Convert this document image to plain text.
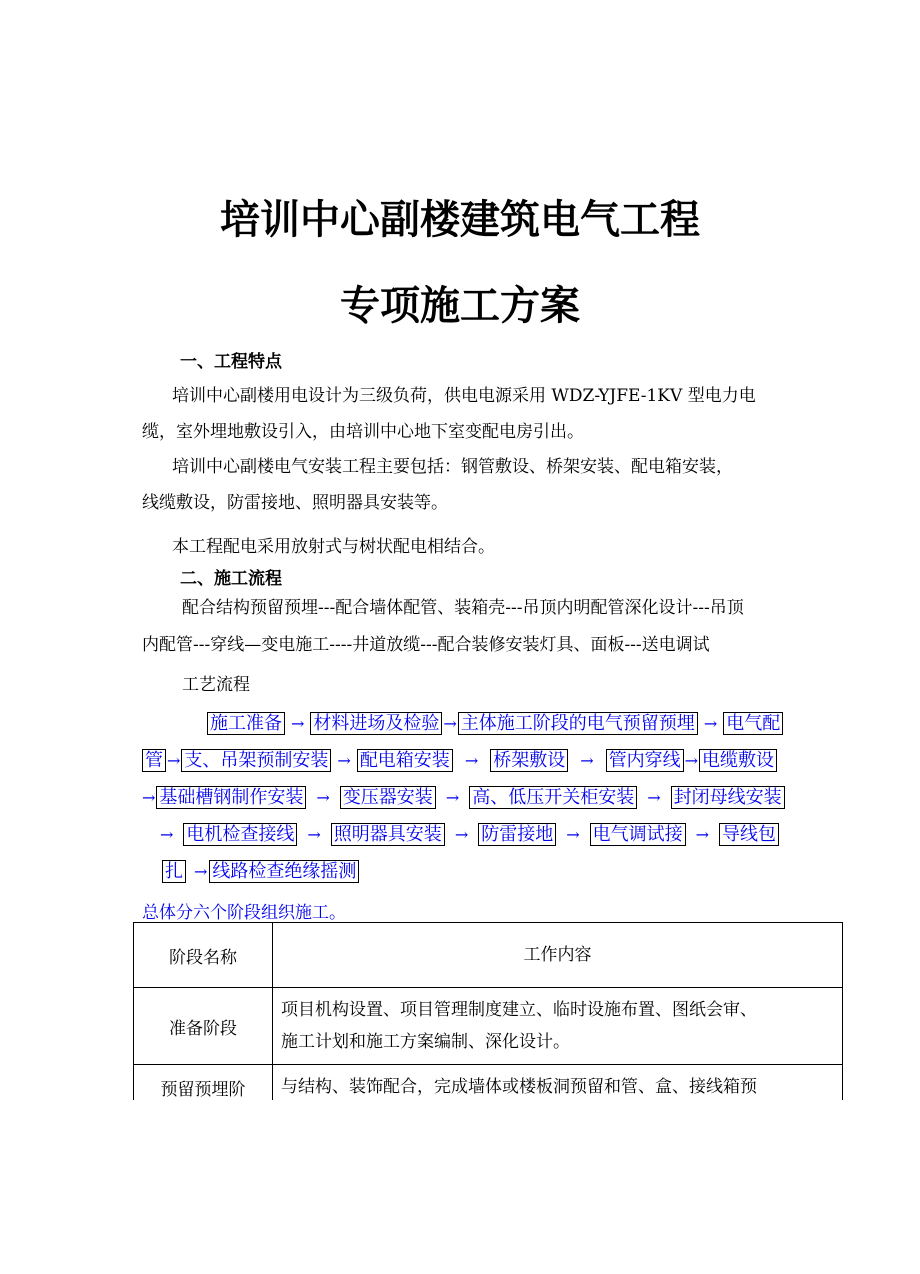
培训中心副楼建筑电气工程
专项施工方案
一、工程特点
培训中心副楼用电设计为三级负荷，供电电源采用 WDZ-YJFE-1KV 型电力电
缆，室外埋地敷设引入，由培训中心地下室变配电房引出。
培训中心副楼电气安装工程主要包括：钢管敷设、桥架安装、配电箱安装，
线缆敷设，防雷接地、照明器具安装等。
本工程配电采用放射式与树状配电相结合。
二、施工流程
配合结构预留预埋---配合墙体配管、装箱壳---吊顶内明配管深化设计---吊顶
内配管---穿线—变电施工----井道放缆---配合装修安装灯具、面板---送电调试
工艺流程
施工准备 → 材料进场及检验 → 主体施工阶段的电气预留预埋 → 电气配
管 → 支、吊架预制安装 → 配电箱安装 → 桥架敷设 → 管内穿线 → 电缆敷设
→ 基础槽钢制作安装 → 变压器安装 → 高、低压开关柜安装 → 封闭母线安装
→ 电机检查接线 → 照明器具安装 → 防雷接地 → 电气调试接 → 导线包
扎 → 线路检查绝缘摇测
总体分六个阶段组织施工。
阶段名称	工作内容
准备阶段	项目机构设置、项目管理制度建立、临时设施布置、图纸会审、
施工计划和施工方案编制、深化设计。

预留预埋阶	与结构、装饰配合，完成墙体或楼板洞预留和管、盒、接线箱预
